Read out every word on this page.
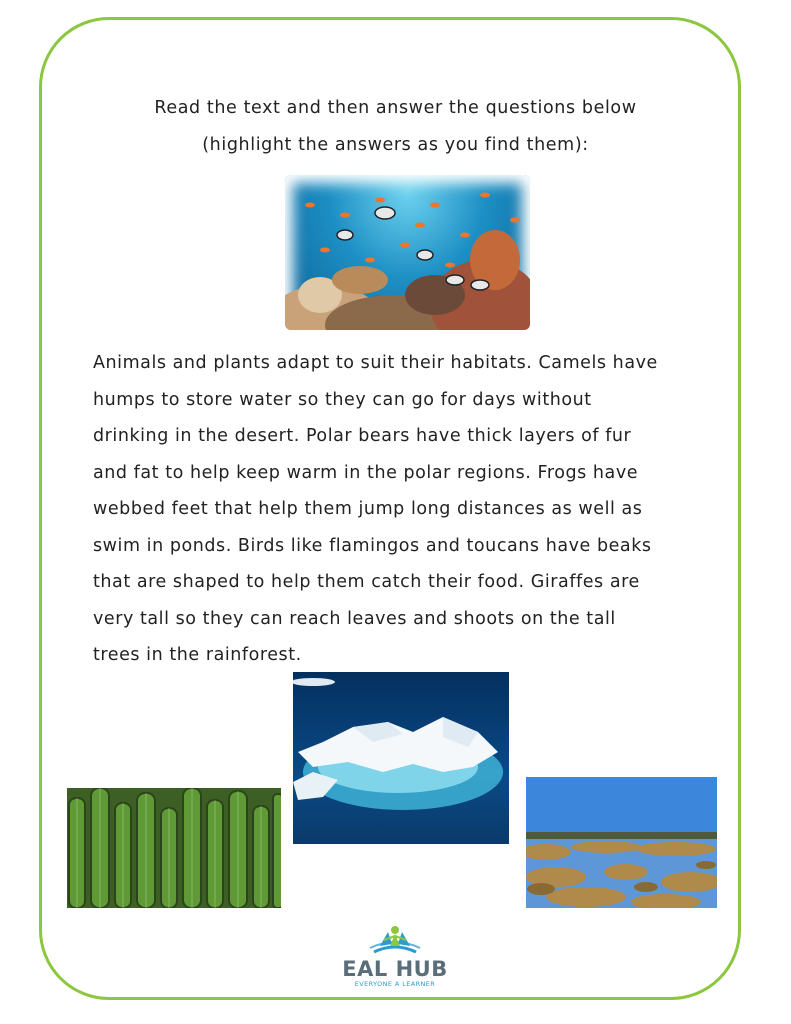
Read the text and then answer the questions below
(highlight the answers as you find them):
Animals and plants adapt to suit their habitats. Camels have
humps to store water so they can go for days without
drinking in the desert. Polar bears have thick layers of fur
and fat to help keep warm in the polar regions. Frogs have
webbed feet that help them jump long distances as well as
swim in ponds. Birds like flamingos and toucans have beaks
that are shaped to help them catch their food. Giraffes are
very tall so they can reach leaves and shoots on the tall
trees in the rainforest.
EAL HUB
EVERYONE A LEARNER
